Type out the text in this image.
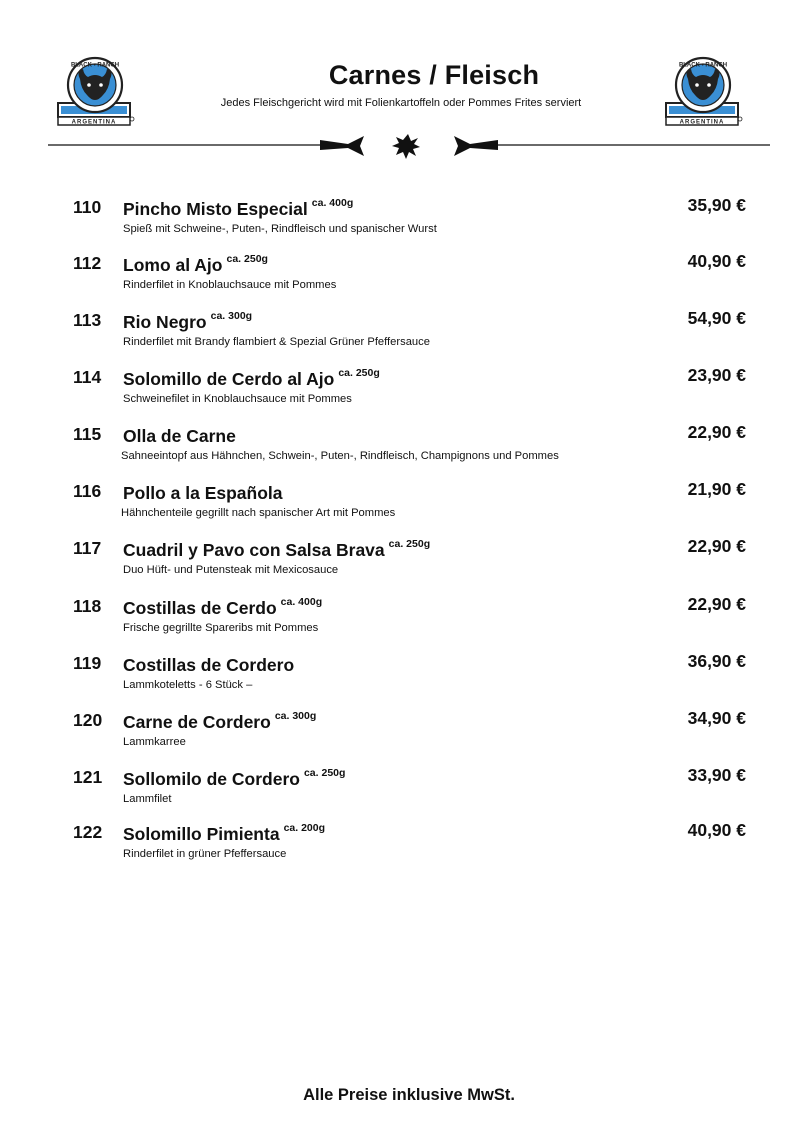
BLACK • RANCH
ARGENTINA
BLACK • RANCH
ARGENTINA
Carnes / Fleisch
Jedes Fleischgericht wird mit Folienkartoffeln oder Pommes Frites serviert
110 Pincho Misto Especial $^{ca. 400g}$
Spieß mit Schweine-, Puten-, Rindfleisch und spanischer Wurst
35,90 €
112 Lomo al Ajo $^{ca. 250g}$
Rinderfilet in Knoblauchsauce mit Pommes
40,90 €
113 Rio Negro $^{ca. 300g}$
Rinderfilet mit Brandy flambiert & Spezial Grüner Pfeffersauce
54,90 €
114 Solomillo de Cerdo al Ajo $^{ca. 250g}$
Schweinefilet in Knoblauchsauce mit Pommes
23,90 €
115 Olla de Carne
Sahneeintopf aus Hähnchen, Schwein-, Puten-, Rindfleisch, Champignons und Pommes
22,90 €
116 Pollo a la Española
Hähnchenteile gegrillt nach spanischer Art mit Pommes
21,90 €
117 Cuadril y Pavo con Salsa Brava $^{ca. 250g}$
Duo Hüft- und Putensteak mit Mexicosauce
22,90 €
118 Costillas de Cerdo $^{ca. 400g}$
Frische gegrillte Spareribs mit Pommes
22,90 €
119 Costillas de Cordero
Lammkoteletts - 6 Stück –
36,90 €
120 Carne de Cordero $^{ca. 300g}$
Lammkarree
34,90 €
121 Sollomilo de Cordero $^{ca. 250g}$
Lammfilet
33,90 €
122 Solomillo Pimienta $^{ca. 200g}$
Rinderfilet in grüner Pfeffersauce
40,90 €
Alle Preise inklusive MwSt.
